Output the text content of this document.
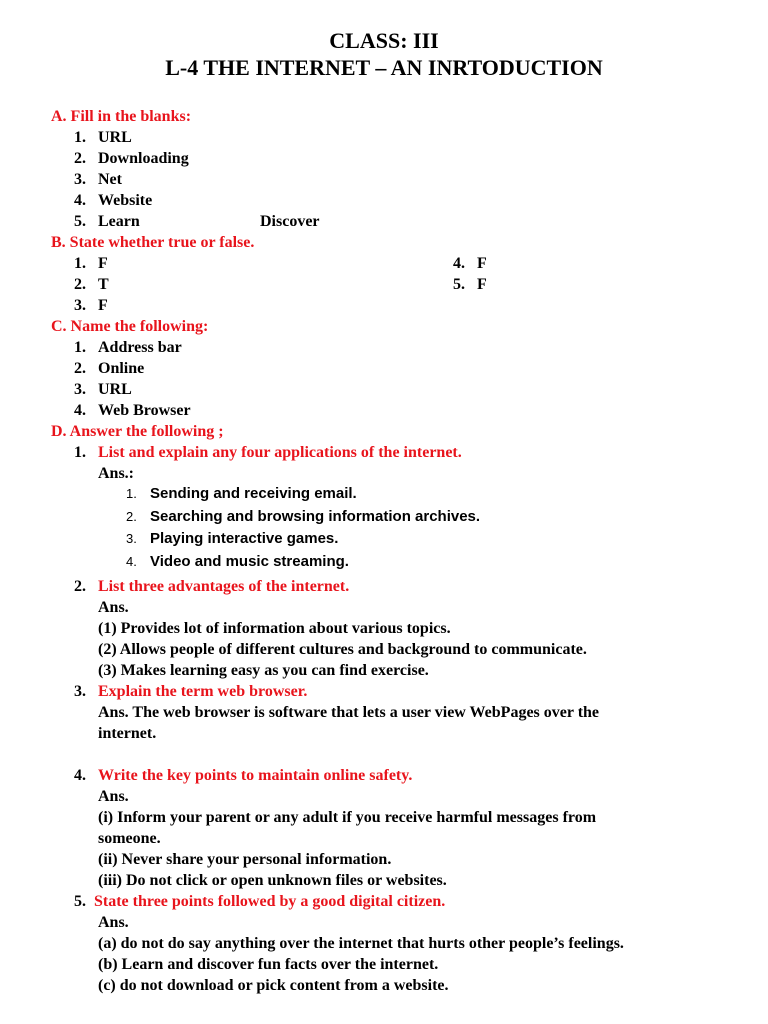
CLASS: III
L-4 THE INTERNET – AN INRTODUCTION
A. Fill in the blanks:
1. URL
2. Downloading
3. Net
4. Website
5. Learn	Discover
B. State whether true or false.
1. F
2. T
3. F
4. F
5. F
C. Name the following:
1. Address bar
2. Online
3. URL
4. Web Browser
D. Answer the following ;
1. List and explain any four applications of the internet.
Ans.:
1. Sending and receiving email.
2. Searching and browsing information archives.
3. Playing interactive games.
4. Video and music streaming.
2. List three advantages of the internet.
Ans.
(1) Provides lot of information about various topics.
(2) Allows people of different cultures and background to communicate.
(3) Makes learning easy as you can find exercise.
3. Explain the term web browser.
Ans. The web browser is software that lets a user view WebPages over the
internet.
4. Write the key points to maintain online safety.
Ans.
(i) Inform your parent or any adult if you receive harmful messages from
someone.
(ii) Never share your personal information.
(iii) Do not click or open unknown files or websites.
5. State three points followed by a good digital citizen.
Ans.
(a) do not do say anything over the internet that hurts other people’s feelings.
(b) Learn and discover fun facts over the internet.
(c) do not download or pick content from a website.
